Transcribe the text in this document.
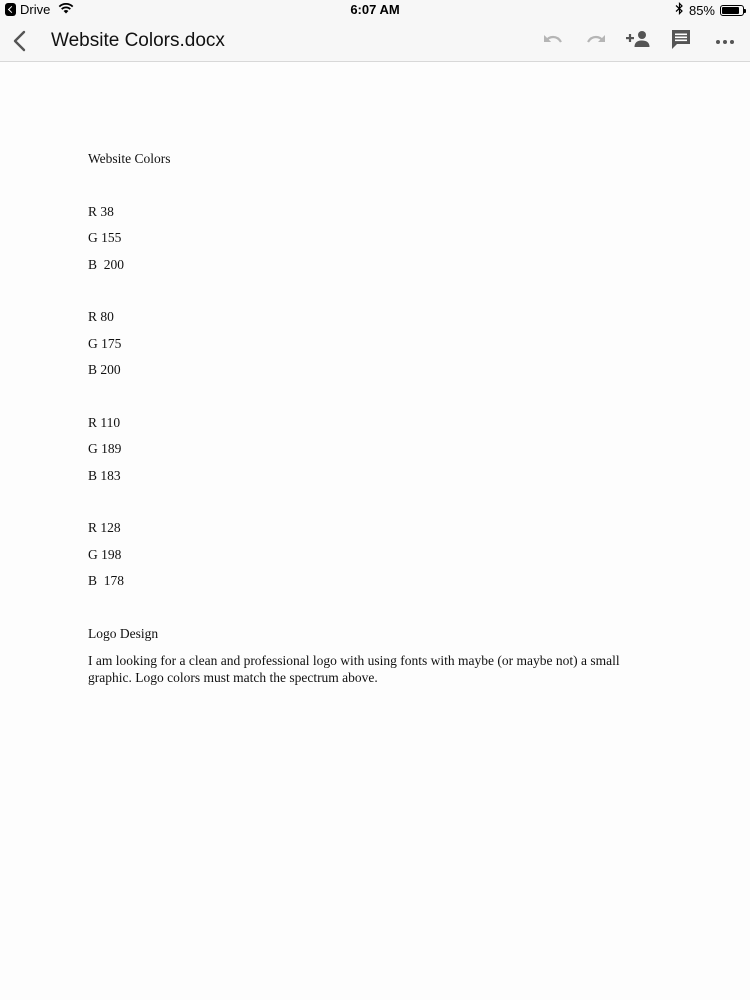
Drive	6:07 AM	85%
Website Colors.docx
Website Colors
R 38
G 155
B  200
R 80
G 175
B 200
R 110
G 189
B 183
R 128
G 198
B  178
Logo Design
I am looking for a clean and professional logo with using fonts with maybe (or maybe not) a small graphic. Logo colors must match the spectrum above.
